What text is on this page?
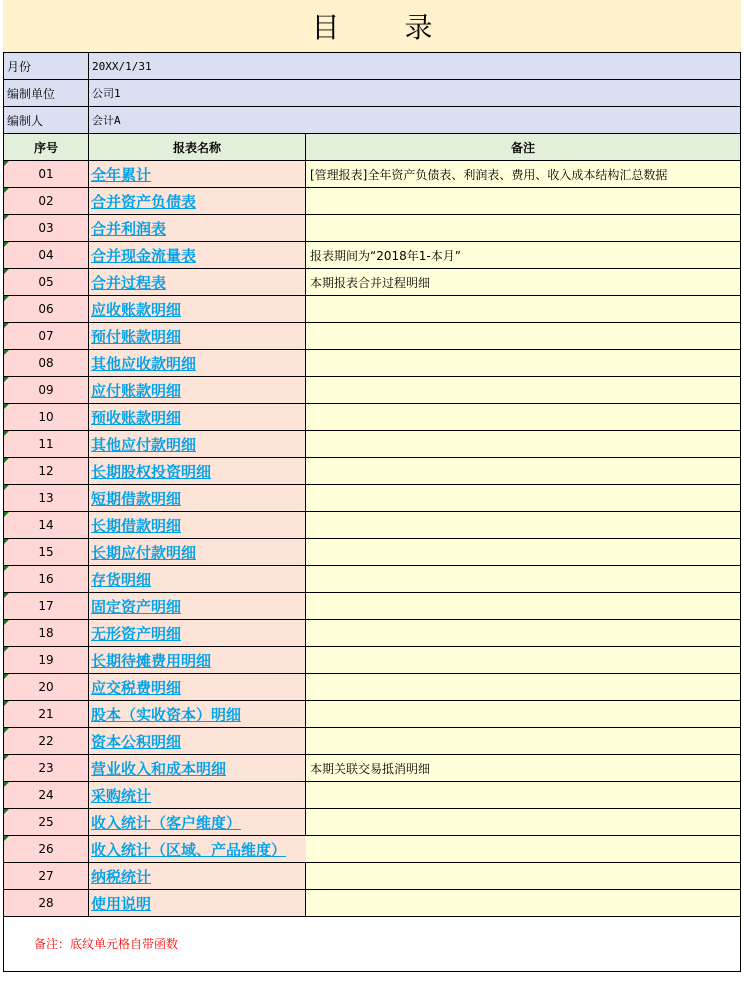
目 录
月份	20XX/1/31
编制单位	公司1
编制人	会计A
序号	报表名称	备注
01 全年累计	[管理报表]全年资产负债表、利润表、费用、收入成本结构汇总数据
02 合并资产负债表
03 合并利润表
04 合并现金流量表	报表期间为“2018年1-本月”
05 合并过程表	本期报表合并过程明细
06 应收账款明细
07 预付账款明细
08 其他应收款明细
09 应付账款明细
10 预收账款明细
11 其他应付款明细
12 长期股权投资明细
13 短期借款明细
14 长期借款明细
15 长期应付款明细
16 存货明细
17 固定资产明细
18 无形资产明细
19 长期待摊费用明细
20 应交税费明细
21 股本（实收资本）明细
22 资本公积明细
23 营业收入和成本明细	本期关联交易抵消明细
24 采购统计
25 收入统计（客户维度）
26 收入统计（区域、产品维度）
27 纳税统计
28 使用说明
备注：底纹单元格自带函数
